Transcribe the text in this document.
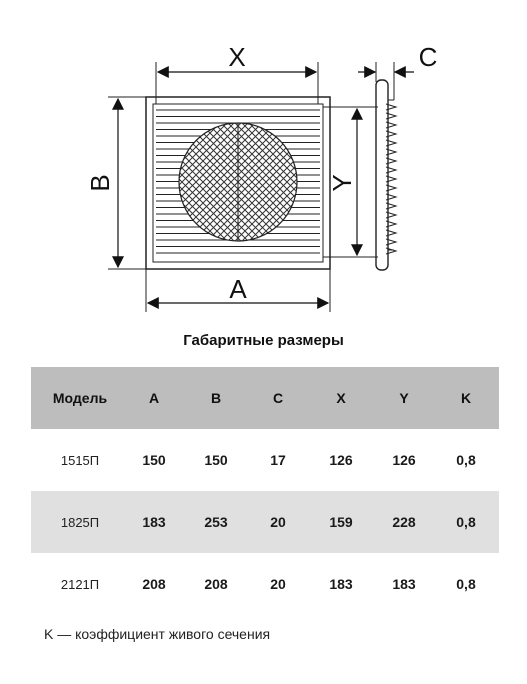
X	C
B	Y
A
Габаритные размеры
Модель	A	B	C	X	Y	K
1515П	150	150	17	126	126	0,8
1825П	183	253	20	159	228	0,8
2121П	208	208	20	183	183	0,8
K — коэффициент живого сечения
